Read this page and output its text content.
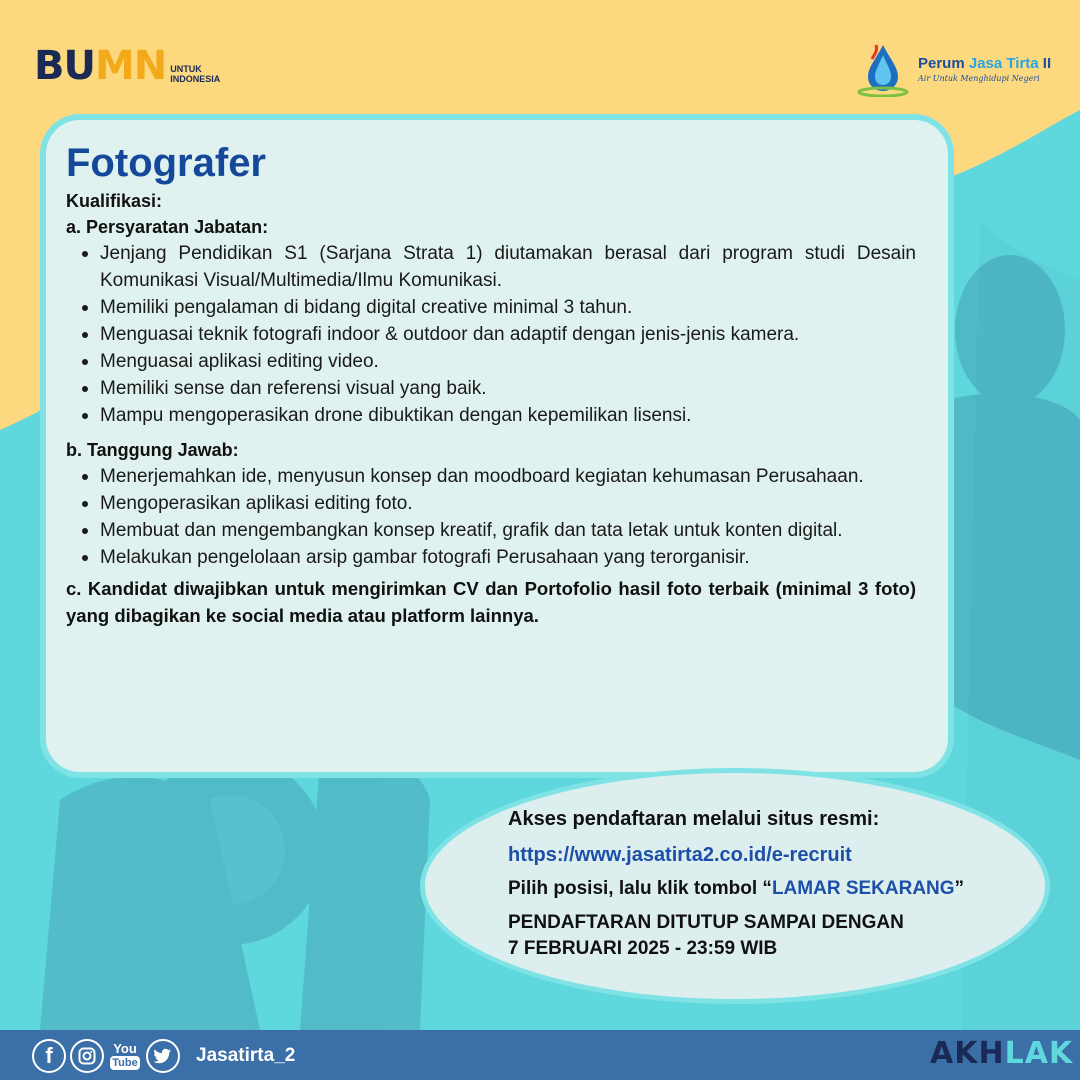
BU MN UNTUK
INDONESIA
Perum Jasa Tirta II
Air Untuk Menghidupi Negeri
Fotografer
Kualifikasi:
a. Persyaratan Jabatan:
Jenjang Pendidikan S1 (Sarjana Strata 1) diutamakan berasal dari program studi Desain Komunikasi Visual/Multimedia/Ilmu Komunikasi.
Memiliki pengalaman di bidang digital creative minimal 3 tahun.
Menguasai teknik fotografi indoor & outdoor dan adaptif dengan jenis-jenis kamera.
Menguasai aplikasi editing video.
Memiliki sense dan referensi visual yang baik.
Mampu mengoperasikan drone dibuktikan dengan kepemilikan lisensi.
b. Tanggung Jawab:
Menerjemahkan ide, menyusun konsep dan moodboard kegiatan kehumasan Perusahaan.
Mengoperasikan aplikasi editing foto.
Membuat dan mengembangkan konsep kreatif, grafik dan tata letak untuk konten digital.
Melakukan pengelolaan arsip gambar fotografi Perusahaan yang terorganisir.
c. Kandidat diwajibkan untuk mengirimkan CV dan Portofolio hasil foto terbaik (minimal 3 foto) yang dibagikan ke social media atau platform lainnya.
Akses pendaftaran melalui situs resmi:
https://www.jasatirta2.co.id/e-recruit
Pilih posisi, lalu klik tombol “LAMAR SEKARANG”
PENDAFTARAN DITUTUP SAMPAI DENGAN
7 FEBRUARI 2025 - 23:59 WIB
f	You
Tube	Jasatirta_2	AKHLAK
